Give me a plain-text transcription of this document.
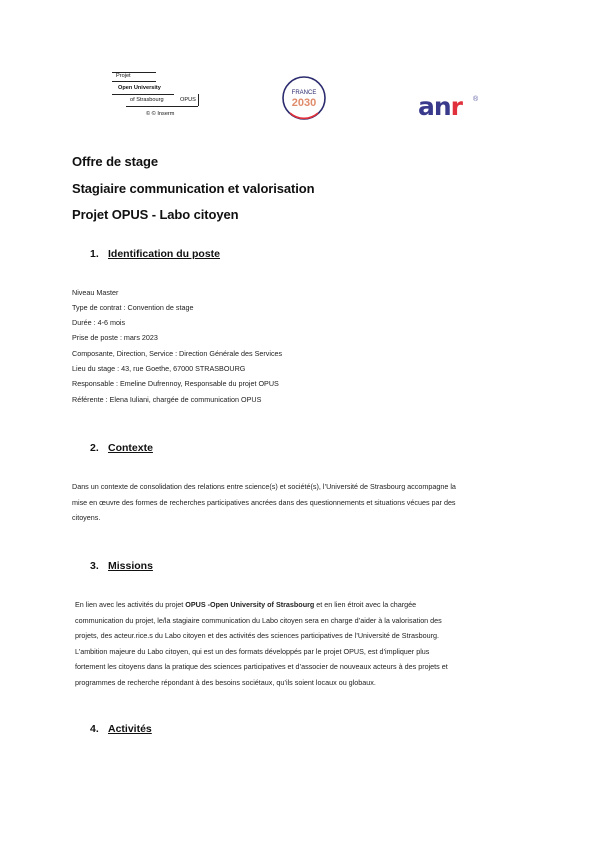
Projet
Open University
of Strasbourg	OPUS
© © Inserm
FRANCE
2030	anr ®
Offre de stage
Stagiaire communication et valorisation
Projet OPUS - Labo citoyen
1. Identification du poste
Niveau Master
Type de contrat : Convention de stage
Durée : 4-6 mois
Prise de poste : mars 2023
Composante, Direction, Service : Direction Générale des Services
Lieu du stage : 43, rue Goethe, 67000 STRASBOURG
Responsable : Emeline Dufrennoy, Responsable du projet OPUS
Référente : Elena Iuliani, chargée de communication OPUS
2. Contexte
Dans un contexte de consolidation des relations entre science(s) et société(s), l’Université de Strasbourg accompagne la
mise en œuvre des formes de recherches participatives ancrées dans des questionnements et situations vécues par des
citoyens.
3. Missions
En lien avec les activités du projet OPUS -Open University of Strasbourg et en lien étroit avec la chargée
communication du projet, le/la stagiaire communication du Labo citoyen sera en charge d’aider à la valorisation des
projets, des acteur.rice.s du Labo citoyen et des activités des sciences participatives de l’Université de Strasbourg.
L’ambition majeure du Labo citoyen, qui est un des formats développés par le projet OPUS, est d’impliquer plus
fortement les citoyens dans la pratique des sciences participatives et d’associer de nouveaux acteurs à des projets et
programmes de recherche répondant à des besoins sociétaux, qu’ils soient locaux ou globaux.
4. Activités
